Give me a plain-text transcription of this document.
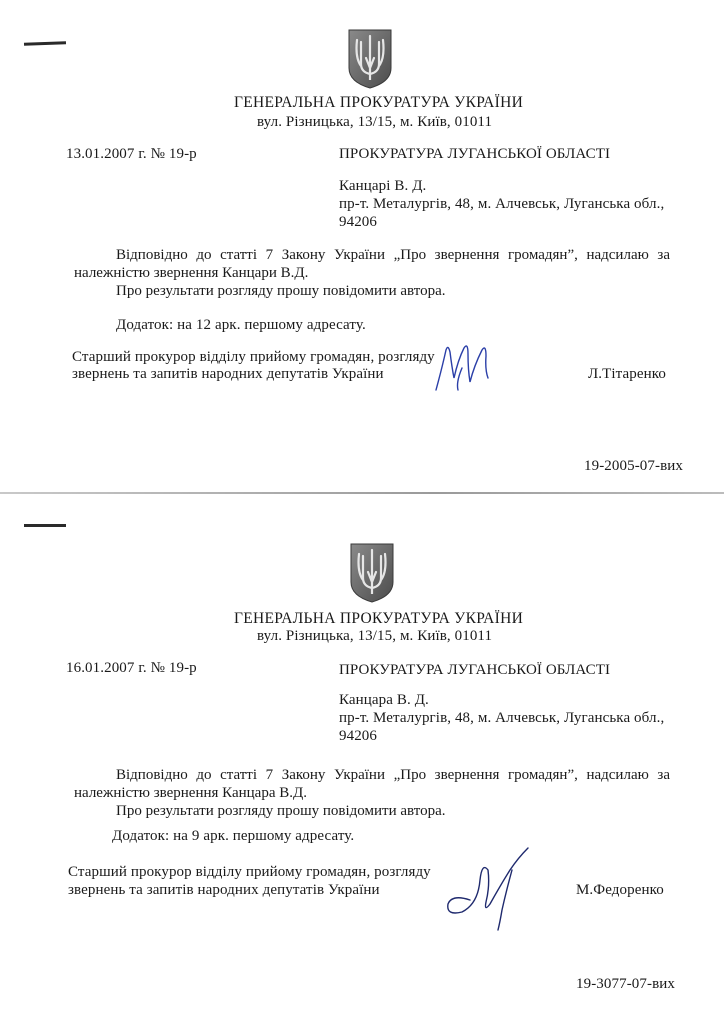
ГЕНЕРАЛЬНА ПРОКУРАТУРА УКРАЇНИ
вул. Різницька, 13/15, м. Київ, 01011
13.01.2007 г. № 19-р	ПРОКУРАТУРА ЛУГАНСЬКОЇ ОБЛАСТІ
Канцарі В. Д.
пр-т. Металургів, 48, м. Алчевськ, Луганська обл.,
94206
Відповідно до статті 7 Закону України „Про звернення громадян”, надсилаю за
належністю звернення Канцари В.Д.
Про результати розгляду прошу повідомити автора.
Додаток: на 12 арк. першому адресату.
Старший прокурор відділу прийому громадян, розгляду
звернень та запитів народних депутатів України	Л.Тітаренко
19-2005-07-вих
ГЕНЕРАЛЬНА ПРОКУРАТУРА УКРАЇНИ
вул. Різницька, 13/15, м. Київ, 01011
16.01.2007 г. № 19-р	ПРОКУРАТУРА ЛУГАНСЬКОЇ ОБЛАСТІ
Канцара В. Д.
пр-т. Металургів, 48, м. Алчевськ, Луганська обл.,
94206
Відповідно до статті 7 Закону України „Про звернення громадян”, надсилаю за
належністю звернення Канцара В.Д.
Про результати розгляду прошу повідомити автора.
Додаток: на 9 арк. першому адресату.
Старший прокурор відділу прийому громадян, розгляду
звернень та запитів народних депутатів України	М.Федоренко
19-3077-07-вих
